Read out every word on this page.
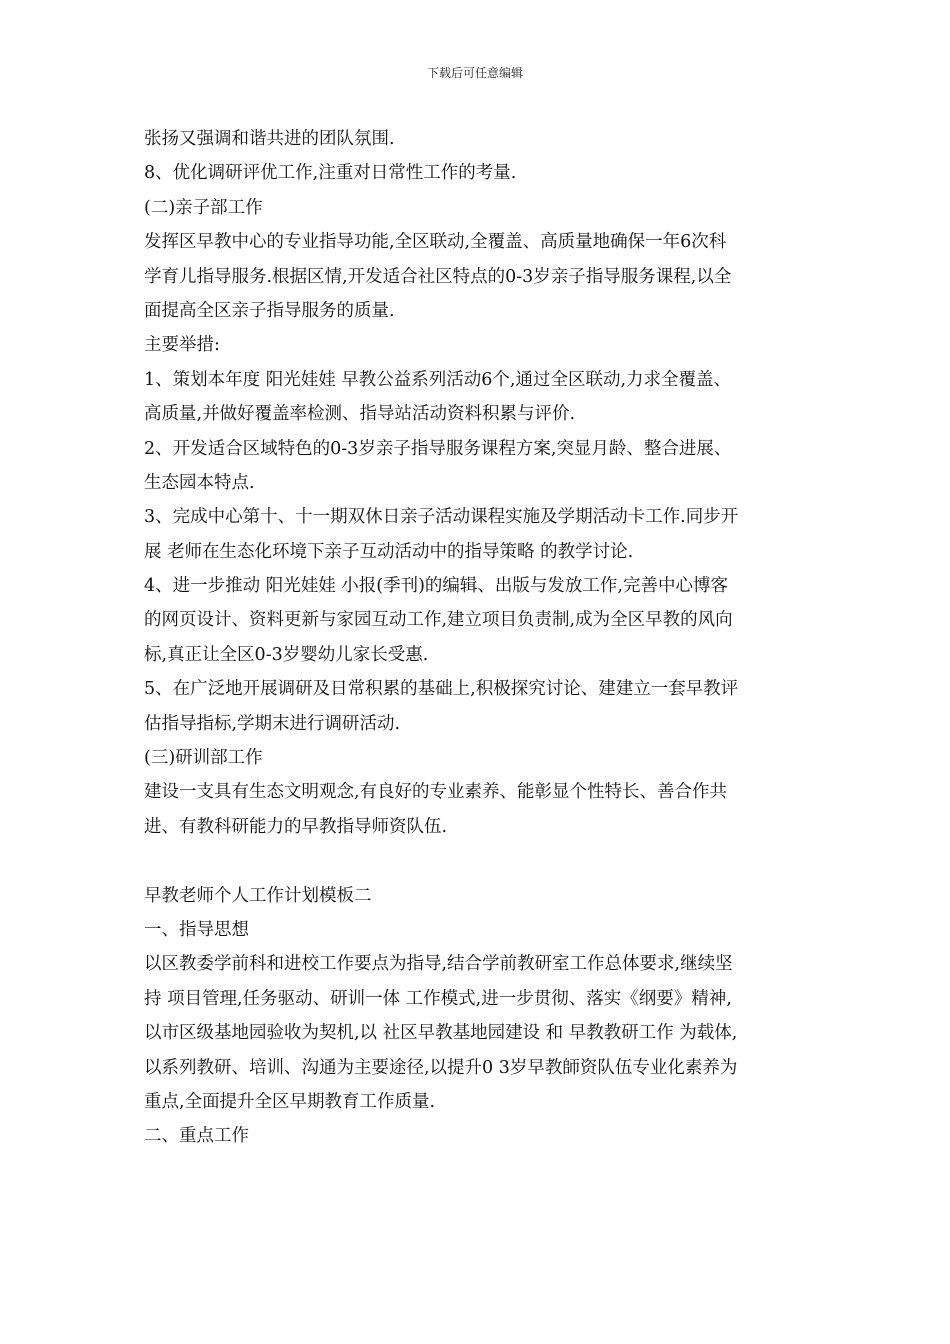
下载后可任意编辑
张扬又强调和谐共进的团队氛围.
8、优化调研评优工作,注重对日常性工作的考量.
(二)亲子部工作
发挥区早教中心的专业指导功能,全区联动,全覆盖、高质量地确保一年6次科
学育儿指导服务.根据区情,开发适合社区特点的0-3岁亲子指导服务课程,以全
面提高全区亲子指导服务的质量.
主要举措:
1、策划本年度 阳光娃娃 早教公益系列活动6个,通过全区联动,力求全覆盖、
高质量,并做好覆盖率检测、指导站活动资料积累与评价.
2、开发适合区域特色的0-3岁亲子指导服务课程方案,突显月龄、整合进展、
生态园本特点.
3、完成中心第十、十一期双休日亲子活动课程实施及学期活动卡工作.同步开
展 老师在生态化环境下亲子互动活动中的指导策略 的教学讨论.
4、进一步推动 阳光娃娃 小报(季刊)的编辑、出版与发放工作,完善中心博客
的网页设计、资料更新与家园互动工作,建立项目负责制,成为全区早教的风向
标,真正让全区0-3岁婴幼儿家长受惠.
5、在广泛地开展调研及日常积累的基础上,积极探究讨论、建建立一套早教评
估指导指标,学期末进行调研活动.
(三)研训部工作
建设一支具有生态文明观念,有良好的专业素养、能彰显个性特长、善合作共
进、有教科研能力的早教指导师资队伍.
早教老师个人工作计划模板二
一、指导思想
以区教委学前科和进校工作要点为指导,结合学前教研室工作总体要求,继续坚
持 项目管理,任务驱动、研训一体 工作模式,进一步贯彻、落实《纲要》精神,
以市区级基地园验收为契机,以 社区早教基地园建设 和 早教教研工作 为载体,
以系列教研、培训、沟通为主要途径,以提升0 3岁早教師资队伍专业化素养为
重点,全面提升全区早期教育工作质量.
二、重点工作
